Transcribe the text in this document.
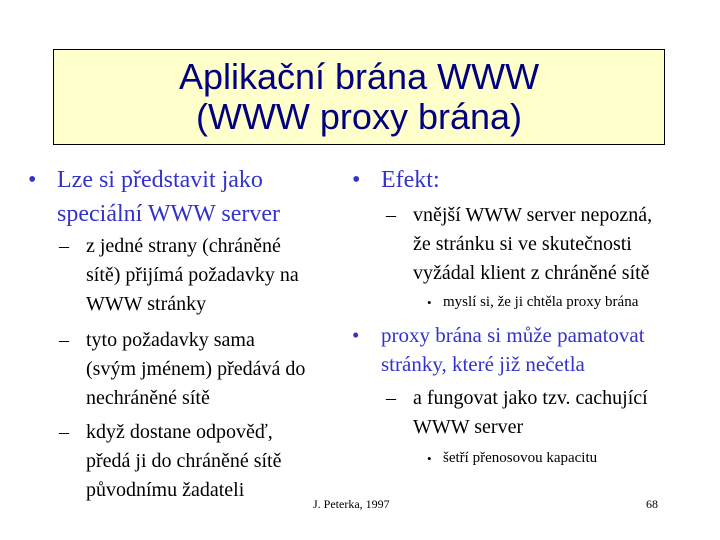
Aplikační brána WWW
(WWW proxy brána)
• Lze si představit jako
speciální WWW server
– z jedné strany (chráněné
sítě) přijímá požadavky na
WWW stránky
– tyto požadavky sama
(svým jménem) předává do
nechráněné sítě
– když dostane odpověď,
předá ji do chráněné sítě
původnímu žadateli
• Efekt:
– vnější WWW server nepozná,
že stránku si ve skutečnosti
vyžádal klient z chráněné sítě
• myslí si, že ji chtěla proxy brána
• proxy brána si může pamatovat
stránky, které již nečetla
– a fungovat jako tzv. cachující
WWW server
• šetří přenosovou kapacitu
J. Peterka, 1997	68
